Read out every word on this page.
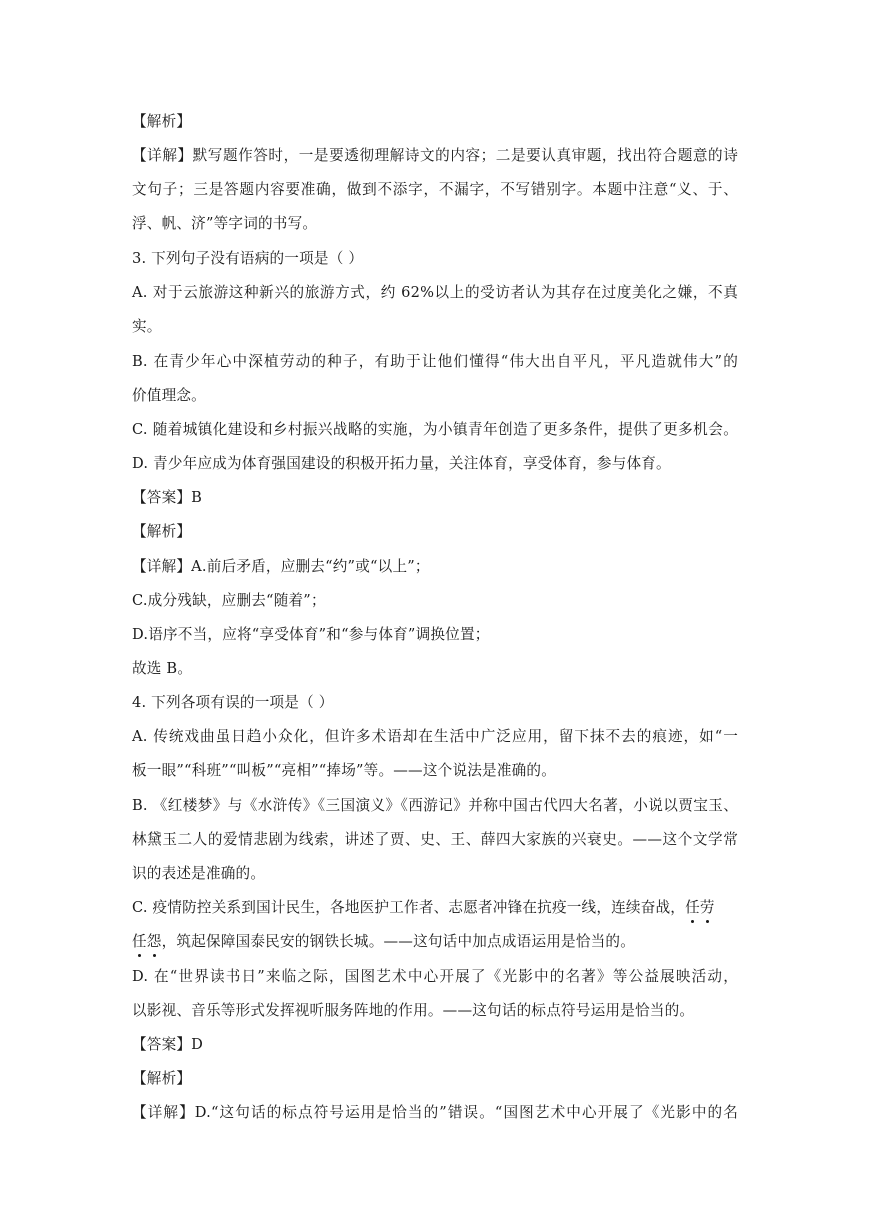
【解析】
【详解】默写题作答时，一是要透彻理解诗文的内容；二是要认真审题，找出符合题意的诗
文句子；三是答题内容要准确，做到不添字，不漏字，不写错别字。本题中注意“义、于、
浮、帆、济”等字词的书写。
3. 下列句子没有语病的一项是（ ）
A. 对于云旅游这种新兴的旅游方式，约 62%以上的受访者认为其存在过度美化之嫌，不真
实。
B. 在青少年心中深植劳动的种子，有助于让他们懂得“伟大出自平凡，平凡造就伟大”的
价值理念。
C. 随着城镇化建设和乡村振兴战略的实施，为小镇青年创造了更多条件，提供了更多机会。
D. 青少年应成为体育强国建设的积极开拓力量，关注体育，享受体育，参与体育。
【答案】B
【解析】
【详解】A.前后矛盾，应删去“约”或“以上”；
C.成分残缺，应删去“随着”；
D.语序不当，应将“享受体育”和“参与体育”调换位置；
故选 B。
4. 下列各项有误的一项是（ ）
A. 传统戏曲虽日趋小众化，但许多术语却在生活中广泛应用，留下抹不去的痕迹，如“一
板一眼”“科班”“叫板”“亮相”“捧场”等。——这个说法是准确的。
B. 《红楼梦》与《水浒传》《三国演义》《西游记》并称中国古代四大名著，小说以贾宝玉、
林黛玉二人的爱情悲剧为线索，讲述了贾、史、王、薛四大家族的兴衰史。——这个文学常
识的表述是准确的。
C. 疫情防控关系到国计民生，各地医护工作者、志愿者冲锋在抗疫一线，连续奋战，任劳
任怨，筑起保障国泰民安的钢铁长城。——这句话中加点成语运用是恰当的。
D. 在“世界读书日”来临之际，国图艺术中心开展了《光影中的名著》等公益展映活动，
以影视、音乐等形式发挥视听服务阵地的作用。——这句话的标点符号运用是恰当的。
【答案】D
【解析】
【详解】D.“这句话的标点符号运用是恰当的”错误。“国图艺术中心开展了《光影中的名
